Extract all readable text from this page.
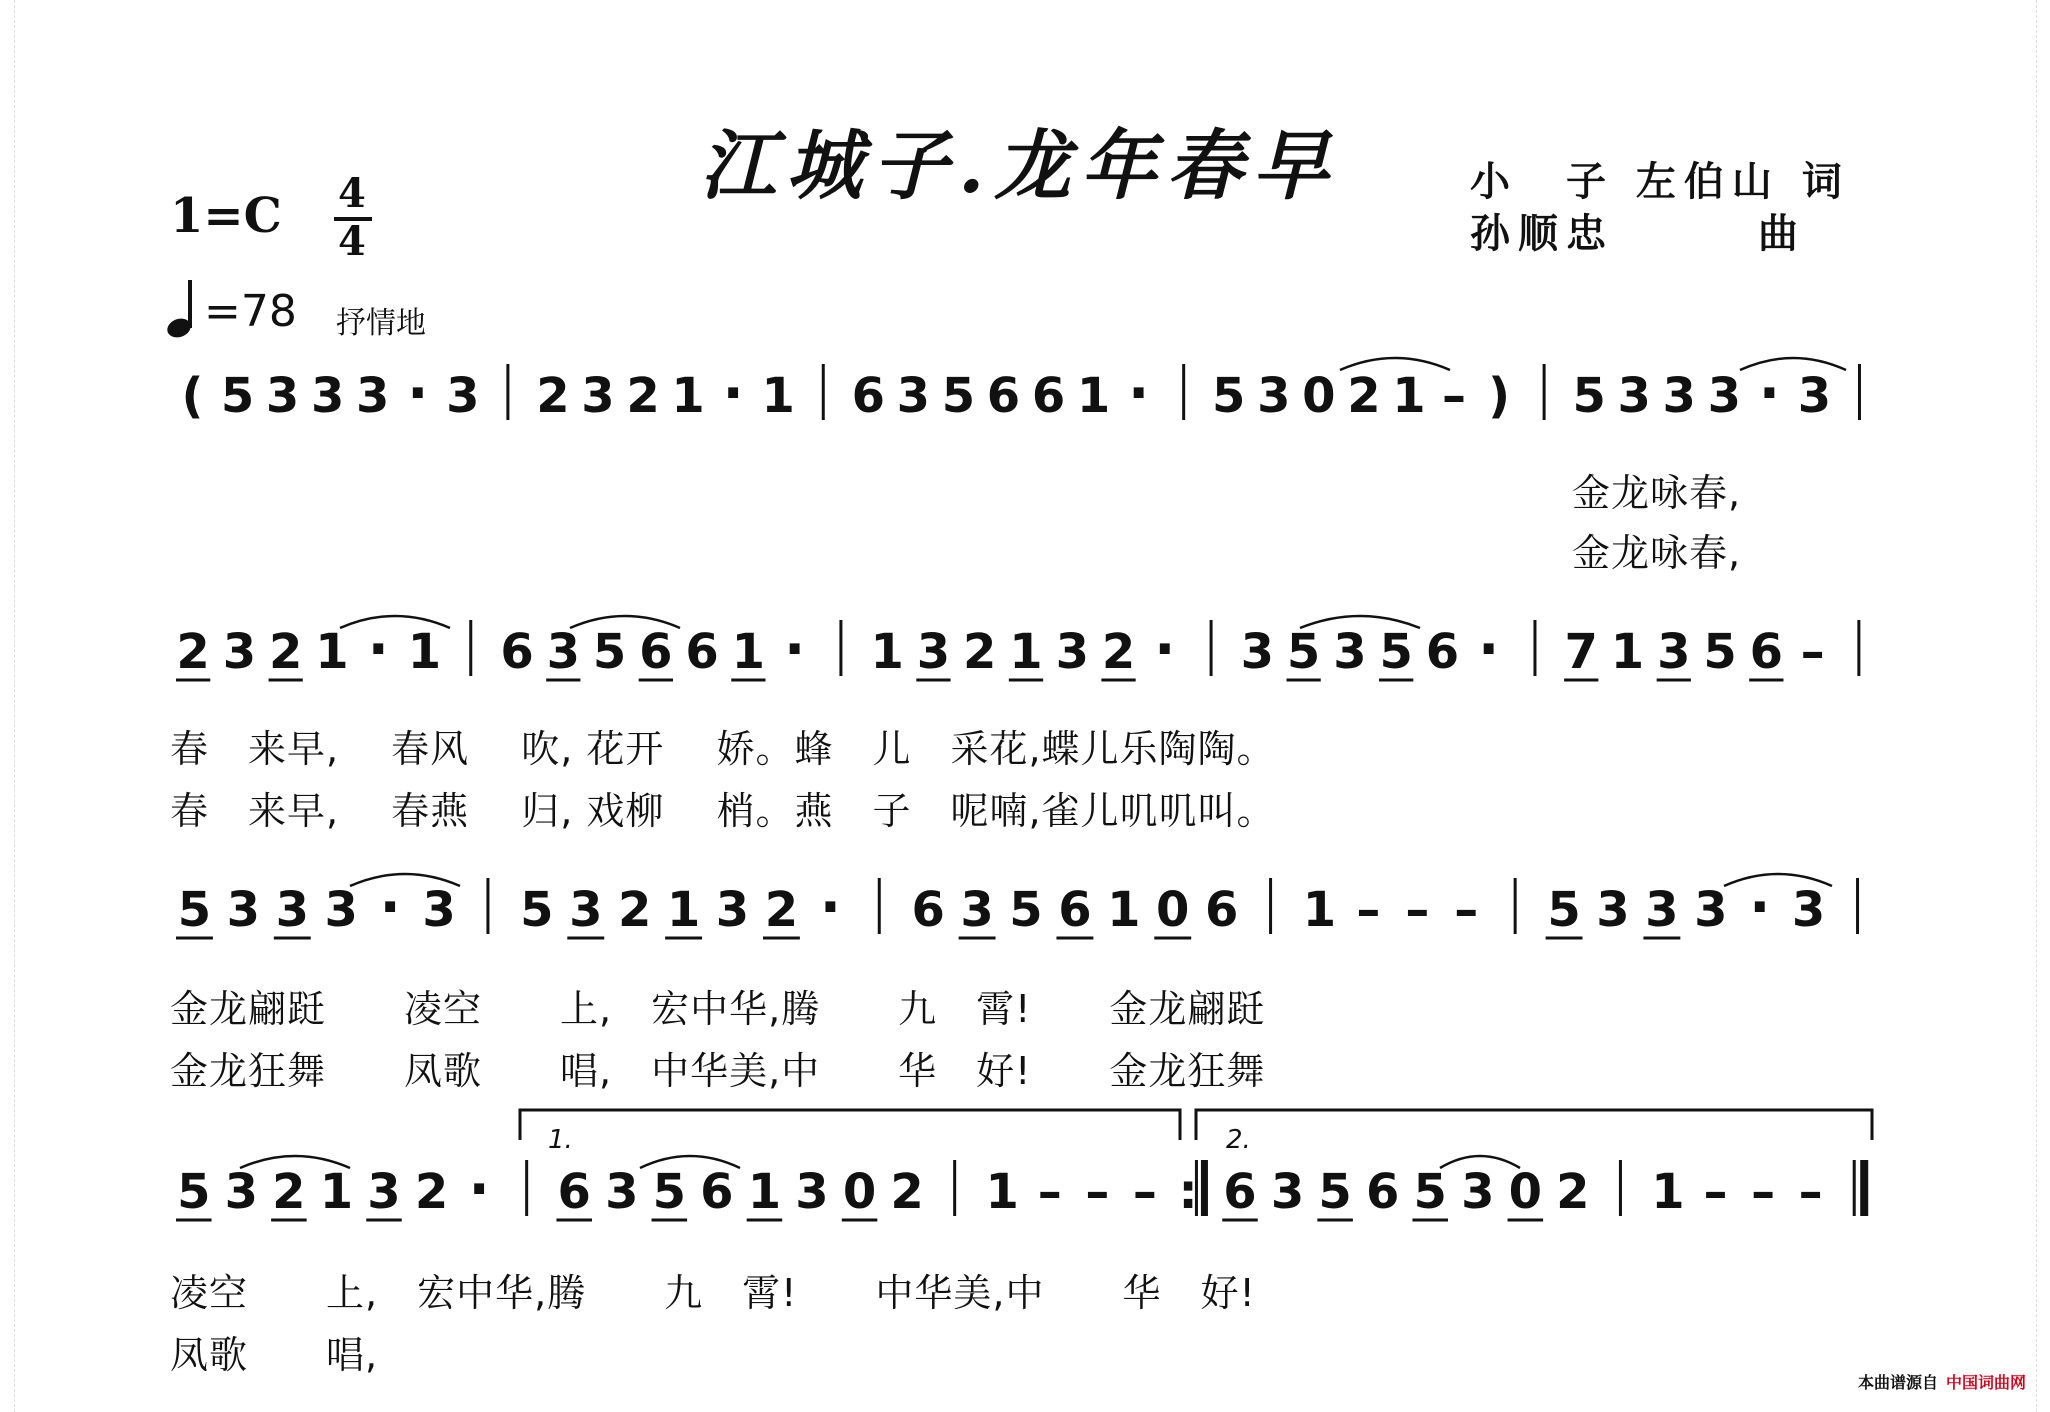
江城子.龙年春早	小　子 左伯山 词
孙顺忠　　　曲
1=C 4
4
=78 抒情地
( 5 3 3 3 · 3 2 3 2 1 · 1 6 3 5 6 6 1 · 5 3 0 2 1 – ) 5 3 3 3 · 3
2 3 2 1 · 1 6 3 5 6 6 1 · 1 3 2 1 3 2 · 3 5 3 5 6 · 7 1 3 5 6 –
5 3 3 3 · 3 5 3 2 1 3 2 · 6 3 5 6 1 0 6 1 – – – 5 3 3 3 · 3
5 3 2 1 3 2 · 6 3 5 6 1 3 0 2 1 – – – : 6 3 5 6 5 3 0 2 1 – – –
1.	2.
金龙咏春,
金龙咏春,
春　来早,　 春风　 吹, 花开　 娇。蜂　儿　采花,蝶儿乐陶陶。
春　来早,　 春燕　 归, 戏柳　 梢。燕　子　呢喃,雀儿叽叽叫。
金龙翩跹　　凌空　　上,　宏中华,腾　　九　霄!　　金龙翩跹
金龙狂舞　　凤歌　　唱,　中华美,中　　华　好!　　金龙狂舞
凌空　　上,　宏中华,腾　　九　霄!　　中华美,中　　华　好!
凤歌　　唱,
本曲谱源自 中国词曲网
